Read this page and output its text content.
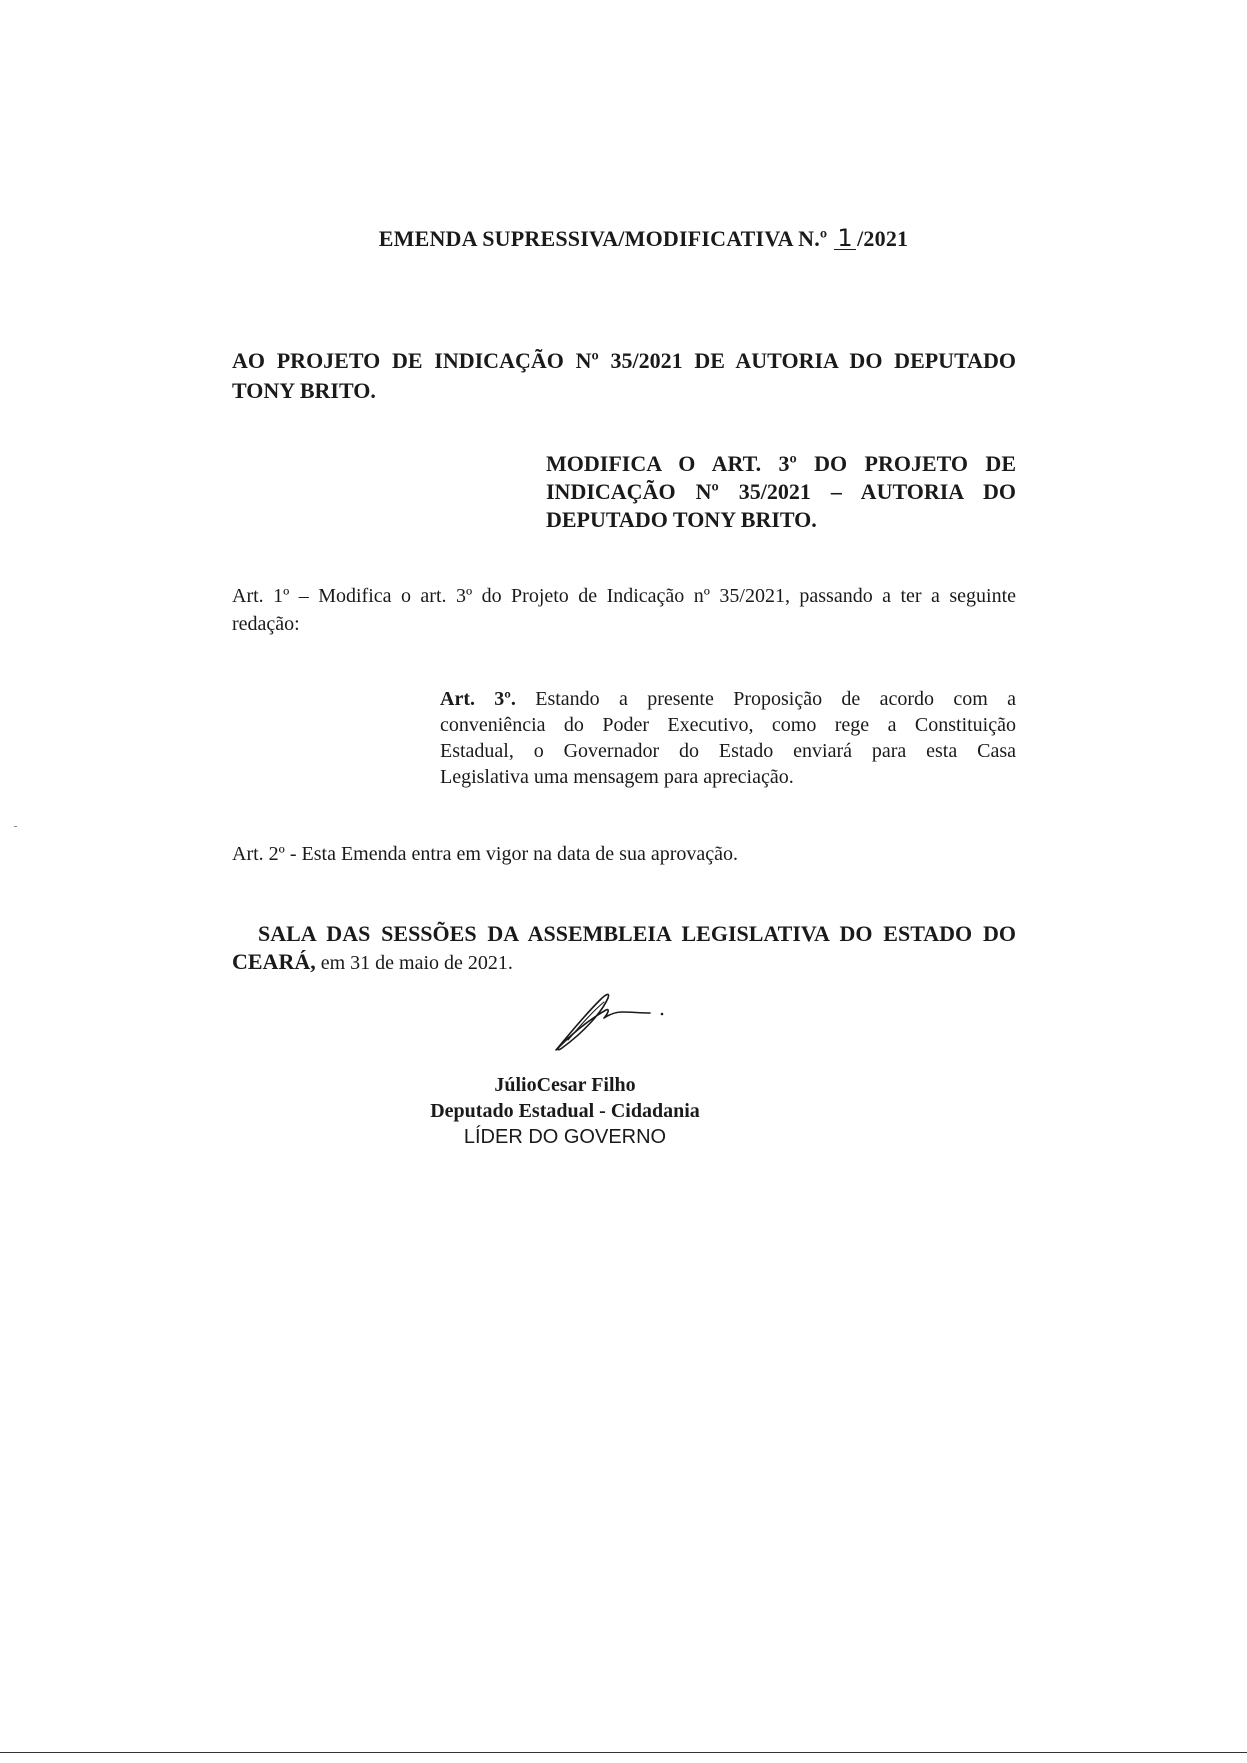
EMENDA SUPRESSIVA/MODIFICATIVA N.º 1 /2021
AO PROJETO DE INDICAÇÃO Nº 35/2021 DE AUTORIA DO DEPUTADO
TONY BRITO.
MODIFICA O ART. 3º DO PROJETO DE
INDICAÇÃO Nº 35/2021 – AUTORIA DO
DEPUTADO TONY BRITO.
Art. 1º – Modifica o art. 3º do Projeto de Indicação nº 35/2021, passando a ter a seguinte
redação:
Art. 3º. Estando a presente Proposição de acordo com a
conveniência do Poder Executivo, como rege a Constituição
Estadual, o Governador do Estado enviará para esta Casa
Legislativa uma mensagem para apreciação.
Art. 2º - Esta Emenda entra em vigor na data de sua aprovação.
SALA DAS SESSÕES DA ASSEMBLEIA LEGISLATIVA DO ESTADO DO
CEARÁ, em 31 de maio de 2021.
JúlioCesar Filho
Deputado Estadual - Cidadania
LÍDER DO GOVERNO
